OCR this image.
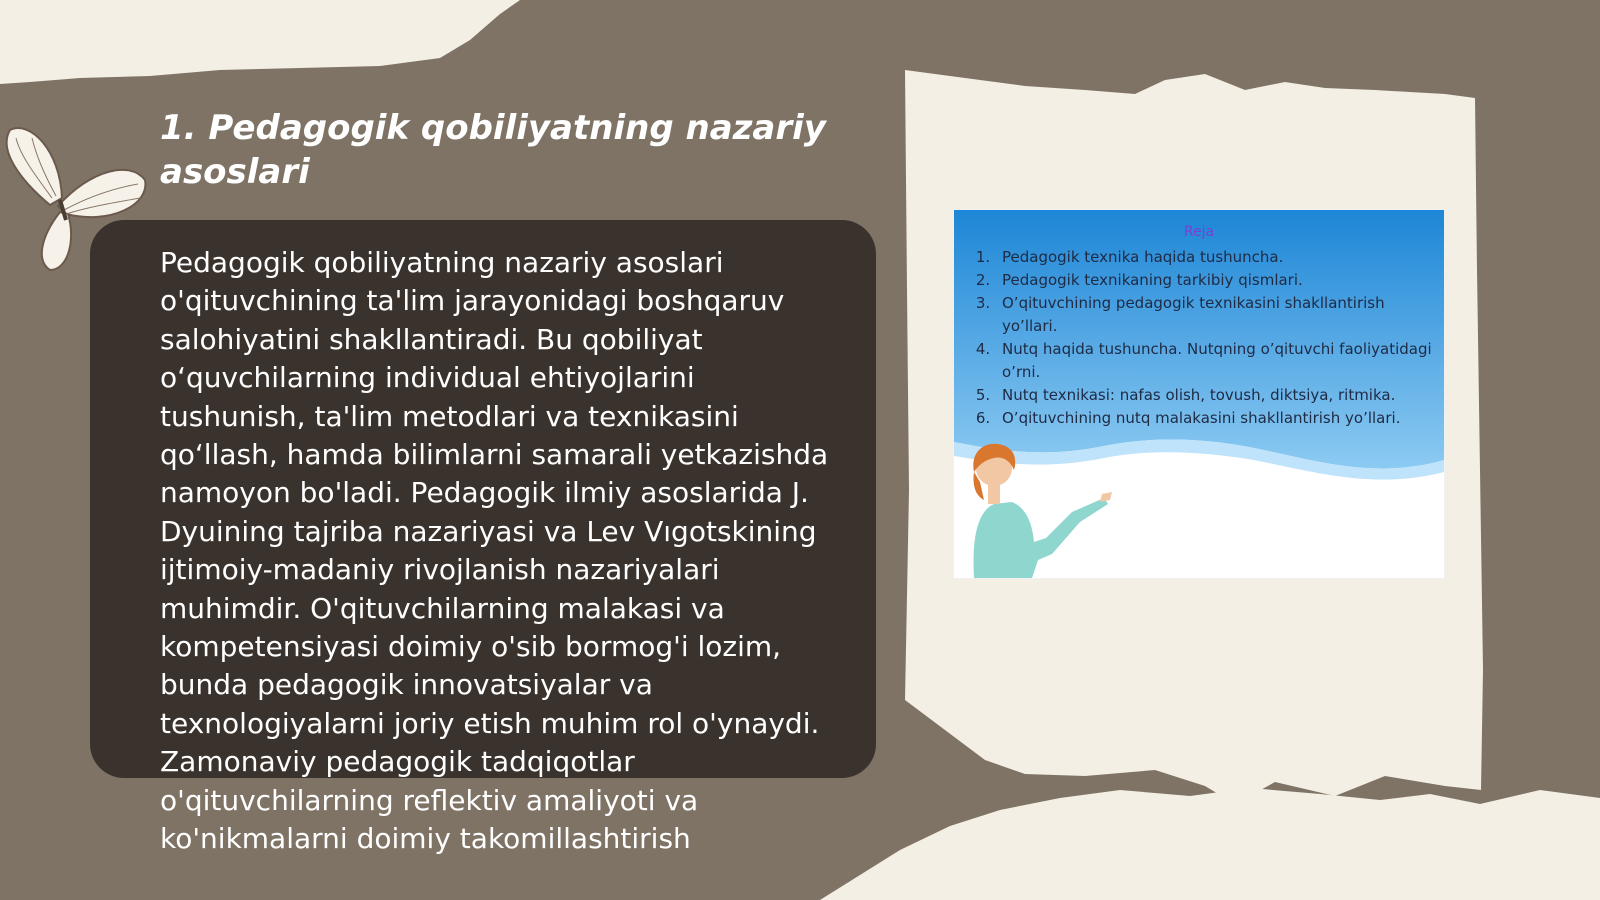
1. Pedagogik qobiliyatning nazariy asoslari

Pedagogik qobiliyatning nazariy asoslari o'qituvchining ta'lim jarayonidagi boshqaruv salohiyatini shakllantiradi. Bu qobiliyat o‘quvchilarning individual ehtiyojlarini tushunish, ta'lim metodlari va texnikasini qo‘llash, hamda bilimlarni samarali yetkazishda namoyon bo'ladi. Pedagogik ilmiy asoslarida J. Dyuining tajriba nazariyasi va Lev Vıgotskining ijtimoiy-madaniy rivojlanish nazariyalari muhimdir. O'qituvchilarning malakasi va kompetensiyasi doimiy o'sib bormog'i lozim, bunda pedagogik innovatsiyalar va texnologiyalarni joriy etish muhim rol o'ynaydi. Zamonaviy pedagogik tadqiqotlar o'qituvchilarning reflektiv amaliyoti va ko'nikmalarni doimiy takomillashtirish

Reja
1. Pedagogik texnika haqida tushuncha.
2. Pedagogik texnikaning tarkibiy qismlari.
3. O’qituvchining pedagogik texnikasini shakllantirish yo’llari.
4. Nutq haqida tushuncha. Nutqning o’qituvchi faoliyatidagi o’rni.
5. Nutq texnikasi: nafas olish, tovush, diktsiya, ritmika.
6. O’qituvchining nutq malakasini shakllantirish yo’llari.
